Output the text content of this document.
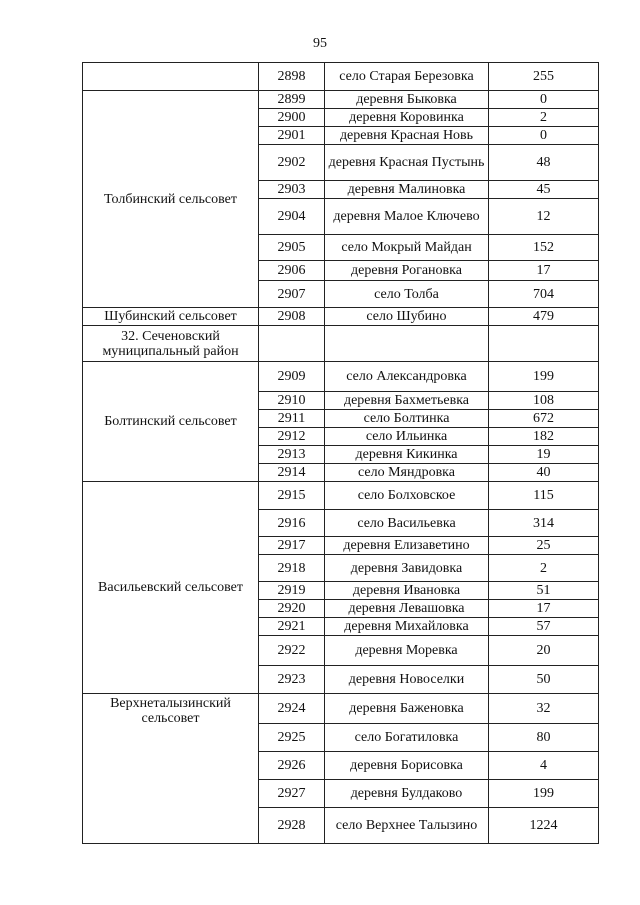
95
	2898	село Старая Березовка	255
Толбинский сельсовет	2899	деревня Быковка	0
	2900	деревня Коровинка	2
	2901	деревня Красная Новь	0
	2902	деревня Красная Пустынь	48
	2903	деревня Малиновка	45
	2904	деревня Малое Ключево	12
	2905	село Мокрый Майдан	152
	2906	деревня Рогановка	17
	2907	село Толба	704
Шубинский сельсовет	2908	село Шубино	479
32. Сеченовский муниципальный район			
Болтинский сельсовет	2909	село Александровка	199
	2910	деревня Бахметьевка	108
	2911	село Болтинка	672
	2912	село Ильинка	182
	2913	деревня Кикинка	19
	2914	село Мяндровка	40
Васильевский сельсовет	2915	село Болховское	115
	2916	село Васильевка	314
	2917	деревня Елизаветино	25
	2918	деревня Завидовка	2
	2919	деревня Ивановка	51
	2920	деревня Левашовка	17
	2921	деревня Михайловка	57
	2922	деревня Моревка	20
	2923	деревня Новоселки	50
Верхнеталызинский сельсовет	2924	деревня Баженовка	32
	2925	село Богатиловка	80
	2926	деревня Борисовка	4
	2927	деревня Булдаково	199
	2928	село Верхнее Талызино	1224
